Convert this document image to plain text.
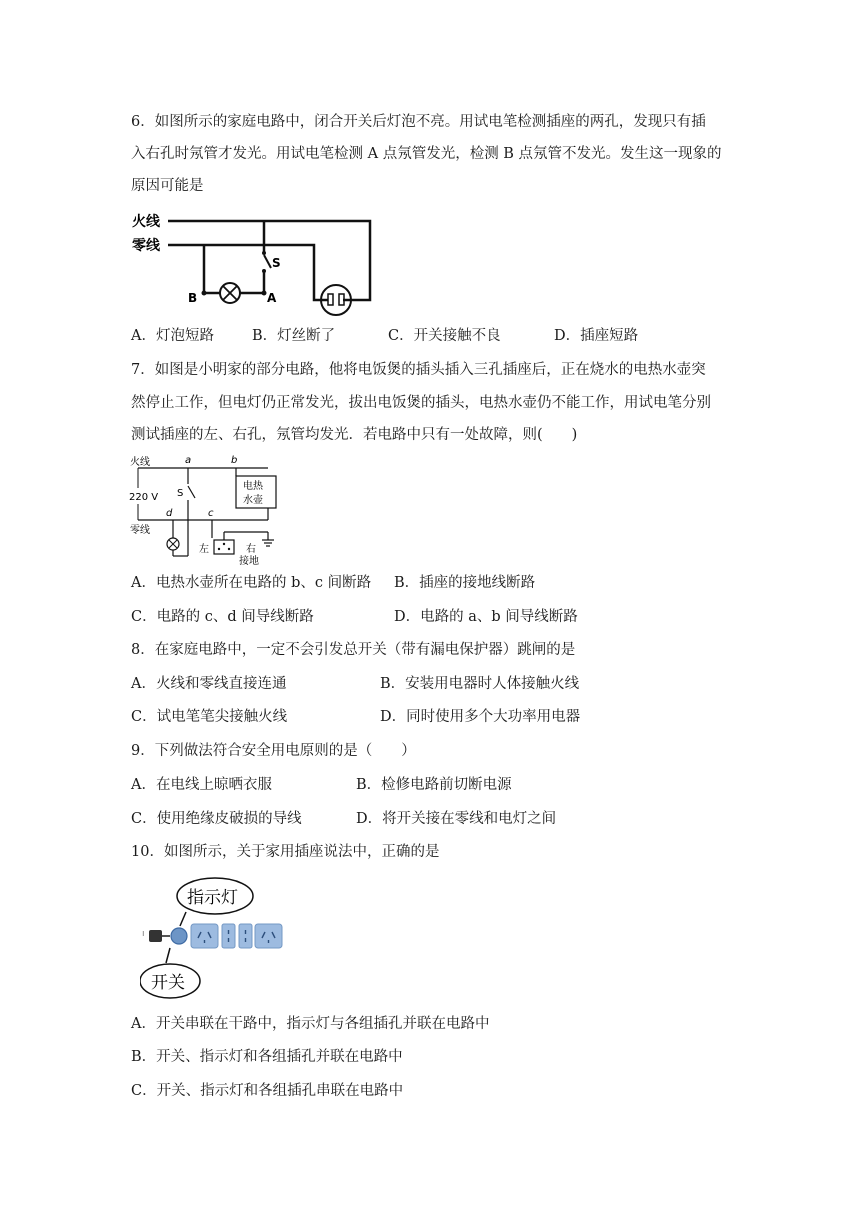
6．如图所示的家庭电路中，闭合开关后灯泡不亮。用试电笔检测插座的两孔，发现只有插
入右孔时氖管才发光。用试电笔检测 A 点氖管发光，检测 B 点氖管不发光。发生这一现象的
原因可能是
火线
零线
S
B	A
A．灯泡短路	B．灯丝断了	C．开关接触不良	D．插座短路
7．如图是小明家的部分电路，他将电饭煲的插头插入三孔插座后，正在烧水的电热水壶突
然停止工作，但电灯仍正常发光，拔出电饭煲的插头，电热水壶仍不能工作，用试电笔分别
测试插座的左、右孔，氖管均发光．若电路中只有一处故障，则(　　)
火线
零线
220 V
a	b
d	c
S
电热
水壶
左	右
接地
A．电热水壶所在电路的 b、c 间断路 B．插座的接地线断路
C．电路的 c、d 间导线断路	D．电路的 a、b 间导线断路
8．在家庭电路中，一定不会引发总开关（带有漏电保护器）跳闸的是
A．火线和零线直接连通	B．安装用电器时人体接触火线
C．试电笔笔尖接触火线	D．同时使用多个大功率用电器
9．下列做法符合安全用电原则的是（　　）
A．在电线上晾晒衣服	B．检修电路前切断电源
C．使用绝缘皮破损的导线	D．将开关接在零线和电灯之间
10．如图所示，关于家用插座说法中，正确的是
指示灯
ı
开关
A．开关串联在干路中，指示灯与各组插孔并联在电路中
B．开关、指示灯和各组插孔并联在电路中
C．开关、指示灯和各组插孔串联在电路中
